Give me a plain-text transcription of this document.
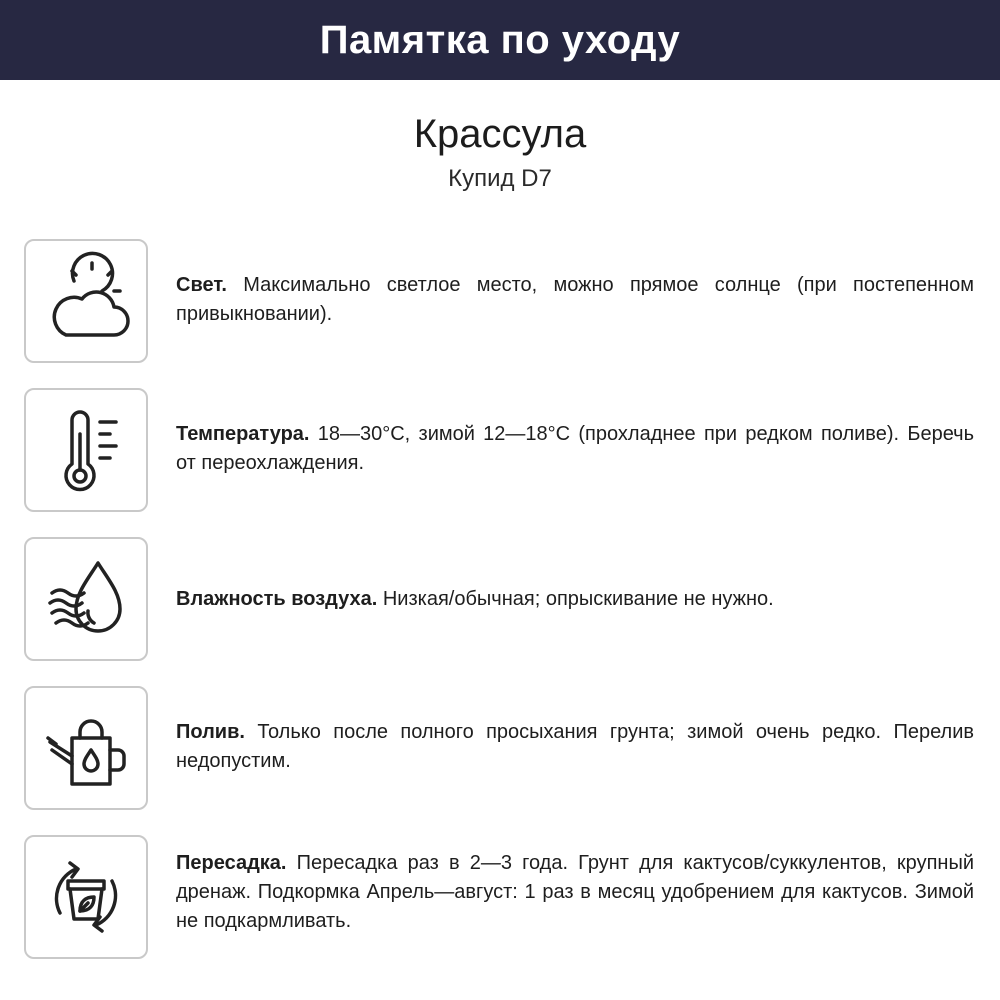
Памятка по уходу
Крассула
Купид D7
Свет. Максимально светлое место, можно прямое солнце (при постепенном привыкновании).
Температура. 18—30°С, зимой 12—18°С (прохладнее при редком поливе). Беречь от переохлаждения.
Влажность воздуха. Низкая/обычная; опрыскивание не нужно.
Полив. Только после полного просыхания грунта; зимой очень редко. Перелив недопустим.
Пересадка. Пересадка раз в 2—3 года. Грунт для кактусов/суккулентов, крупный дренаж. Подкормка Апрель—август: 1 раз в месяц удобрением для кактусов. Зимой не подкармливать.
